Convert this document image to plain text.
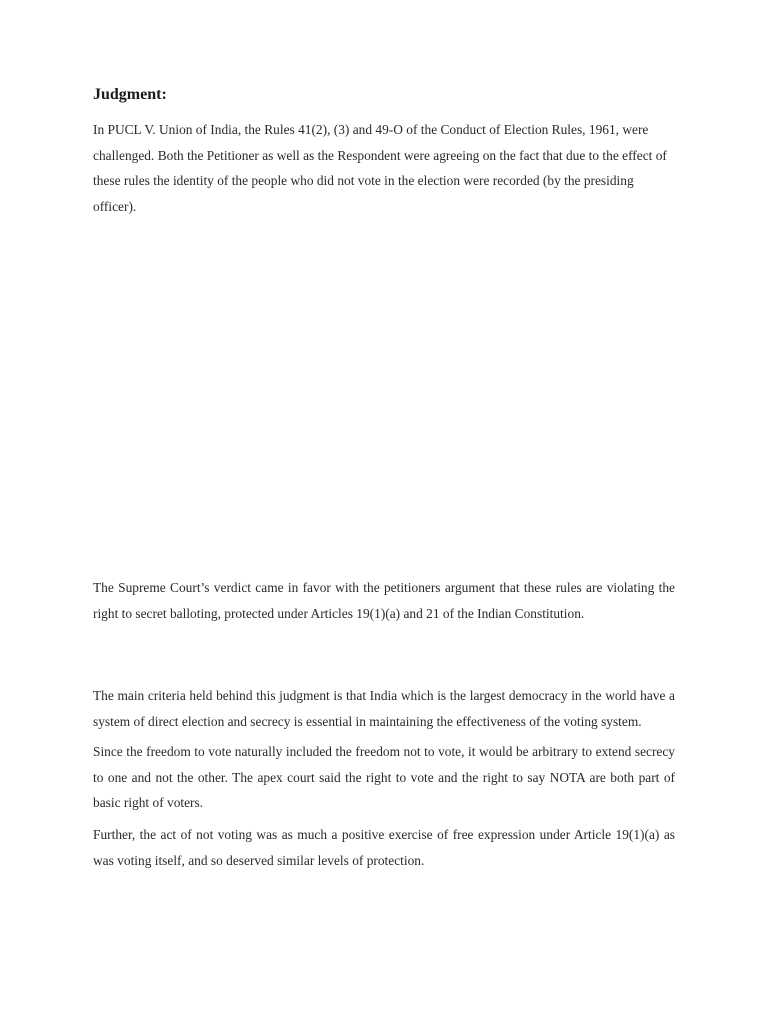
Judgment:

In PUCL V. Union of India, the Rules 41(2), (3) and 49-O of the Conduct of Election Rules, 1961, were challenged. Both the Petitioner as well as the Respondent were agreeing on the fact that due to the effect of these rules the identity of the people who did not vote in the election were recorded (by the presiding officer).

The Supreme Court’s verdict came in favor with the petitioners argument that these rules are violating the right to secret balloting, protected under Articles 19(1)(a) and 21 of the Indian Constitution.

The main criteria held behind this judgment is that India which is the largest democracy in the world have a system of direct election and secrecy is essential in maintaining the effectiveness of the voting system.

Since the freedom to vote naturally included the freedom not to vote, it would be arbitrary to extend secrecy to one and not the other. The apex court said the right to vote and the right to say NOTA are both part of basic right of voters.

Further, the act of not voting was as much a positive exercise of free expression under Article 19(1)(a) as was voting itself, and so deserved similar levels of protection.
